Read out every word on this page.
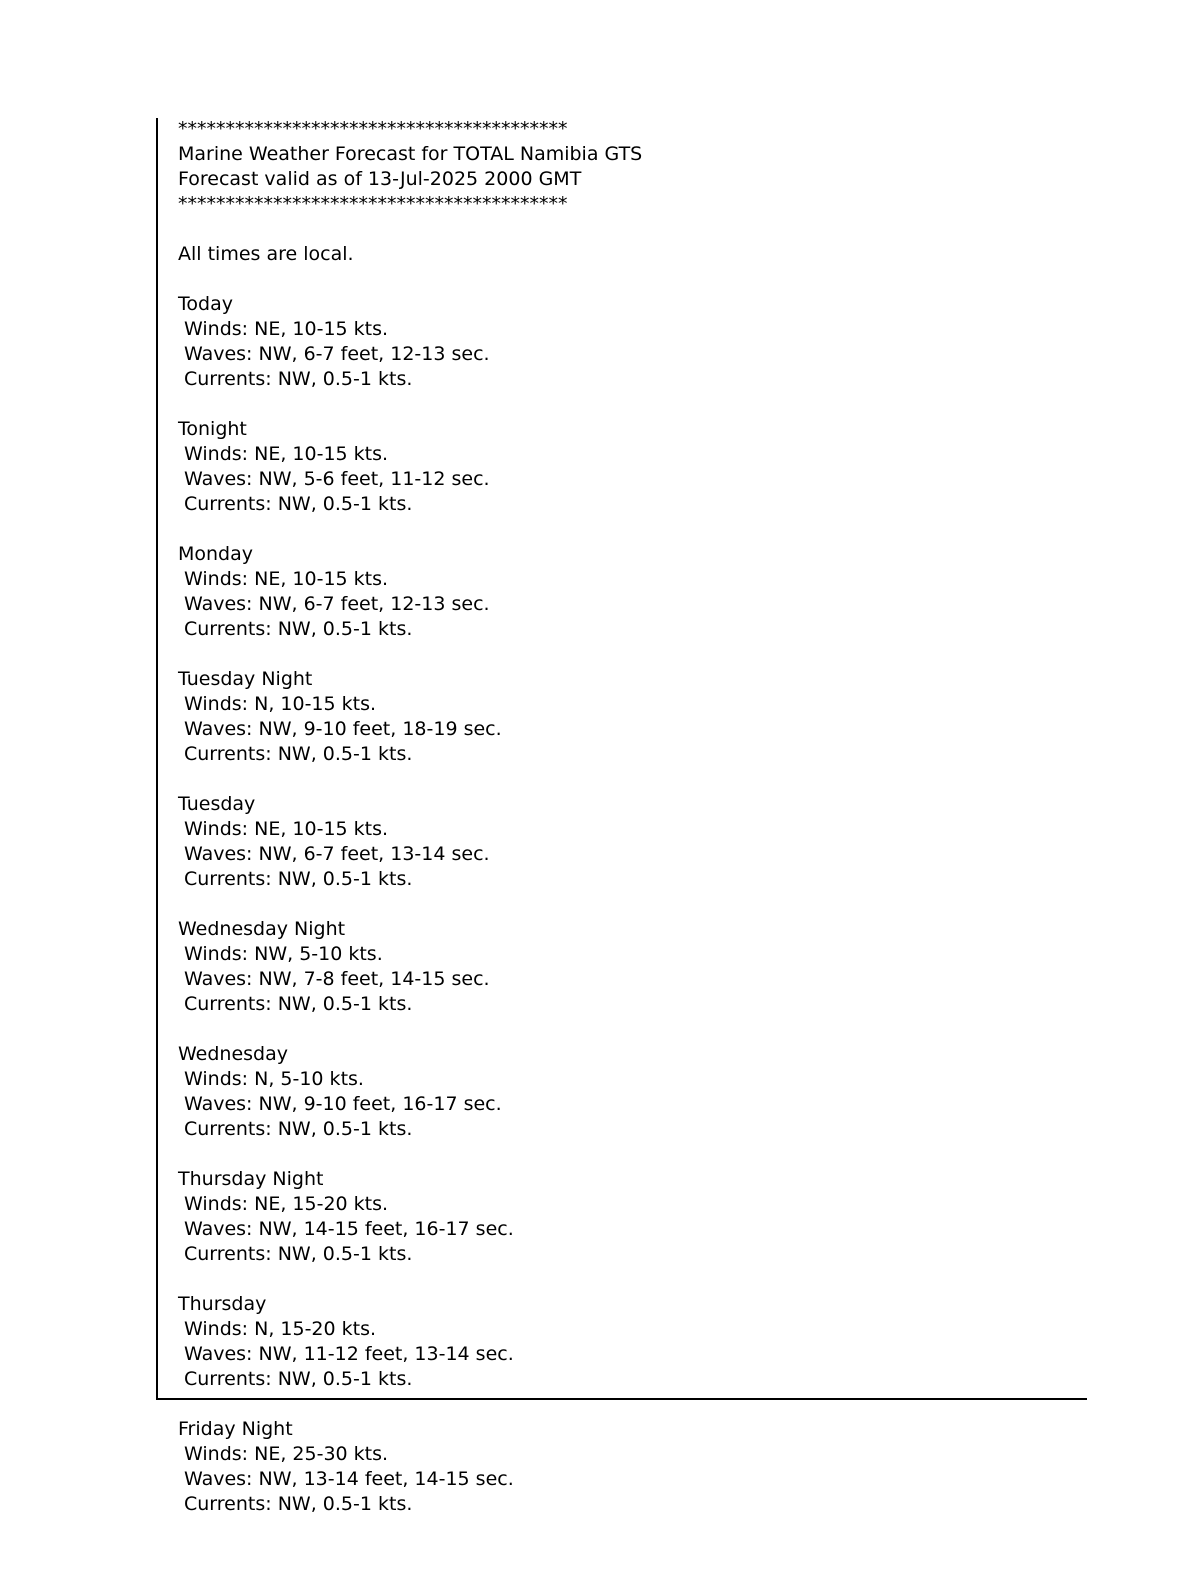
*****************************************
Marine Weather Forecast for TOTAL Namibia GTS
Forecast valid as of 13-Jul-2025 2000 GMT
*****************************************
All times are local.
Today
Winds: NE, 10-15 kts.
Waves: NW, 6-7 feet, 12-13 sec.
Currents: NW, 0.5-1 kts.
Tonight
Winds: NE, 10-15 kts.
Waves: NW, 5-6 feet, 11-12 sec.
Currents: NW, 0.5-1 kts.
Monday
Winds: NE, 10-15 kts.
Waves: NW, 6-7 feet, 12-13 sec.
Currents: NW, 0.5-1 kts.
Tuesday Night
Winds: N, 10-15 kts.
Waves: NW, 9-10 feet, 18-19 sec.
Currents: NW, 0.5-1 kts.
Tuesday
Winds: NE, 10-15 kts.
Waves: NW, 6-7 feet, 13-14 sec.
Currents: NW, 0.5-1 kts.
Wednesday Night
Winds: NW, 5-10 kts.
Waves: NW, 7-8 feet, 14-15 sec.
Currents: NW, 0.5-1 kts.
Wednesday
Winds: N, 5-10 kts.
Waves: NW, 9-10 feet, 16-17 sec.
Currents: NW, 0.5-1 kts.
Thursday Night
Winds: NE, 15-20 kts.
Waves: NW, 14-15 feet, 16-17 sec.
Currents: NW, 0.5-1 kts.
Thursday
Winds: N, 15-20 kts.
Waves: NW, 11-12 feet, 13-14 sec.
Currents: NW, 0.5-1 kts.
Friday Night
Winds: NE, 25-30 kts.
Waves: NW, 13-14 feet, 14-15 sec.
Currents: NW, 0.5-1 kts.
